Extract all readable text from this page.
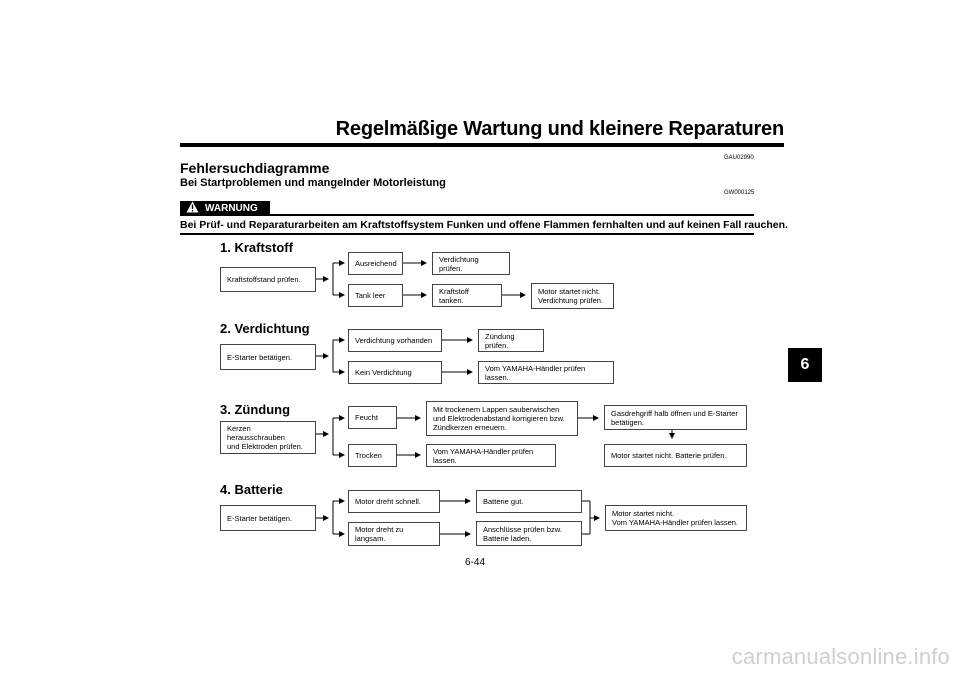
Regelmäßige Wartung und kleinere Reparaturen
GAU02990
Fehlersuchdiagramme
Bei Startproblemen und mangelnder Motorleistung
GW000125
WARNUNG
Bei Prüf- und Reparaturarbeiten am Kraftstoffsystem Funken und offene Flammen fernhalten und auf keinen Fall rauchen.
1. Kraftstoff
Kraftstoffstand prüfen.
Ausreichend	Verdichtung prüfen.
Tank leer	Kraftstoff tanken.
Motor startet nicht.
Verdichtung prüfen.
2. Verdichtung
E-Starter betätigen.
Verdichtung vorhanden	Zündung prüfen.
Kein Verdichtung	Vom YAMAHA-Händler prüfen lassen.
3. Zündung
Kerzen herausschrauben
und Elektroden prüfen.
Feucht
Mit trockenem Lappen sauberwischen
und Elektrodenabstand korrigieren bzw.
Zündkerzen erneuern.
Gasdrehgriff halb öffnen und E-Starter
betätigen.
Trocken	Vom YAMAHA-Händler prüfen lassen.	Motor startet nicht. Batterie prüfen.
4. Batterie
E-Starter betätigen.
Motor dreht schnell.	Batterie gut.
Motor dreht zu langsam.
Anschlüsse prüfen bzw.
Batterie laden.
Motor startet nicht.
Vom YAMAHA-Händler prüfen lassen.
6
6-44
carmanualsonline.info
